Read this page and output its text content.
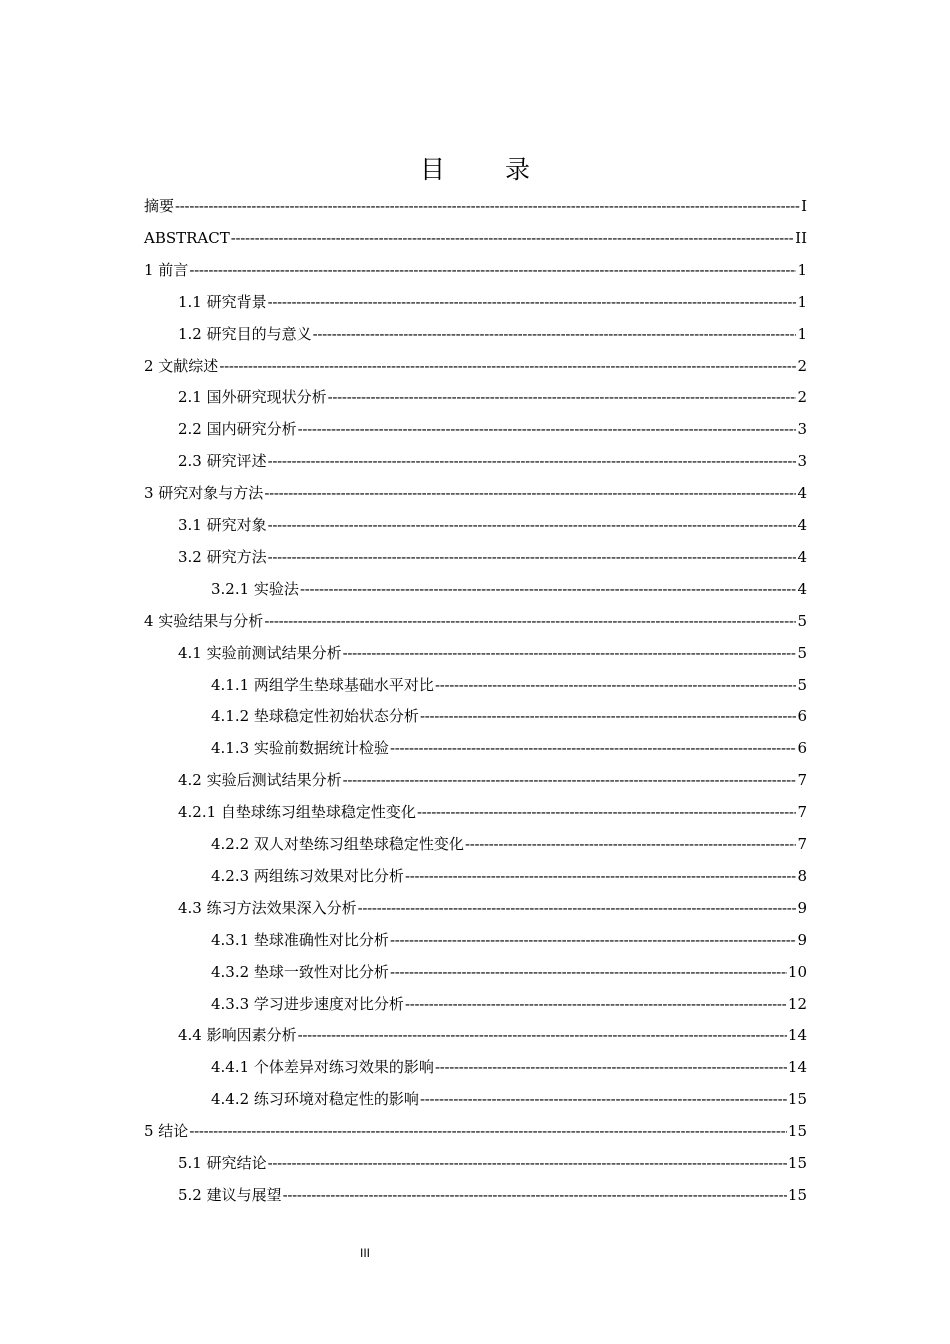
目 录
摘要 -----	I
ABSTRACT -----	II
1 前言 -----	1
1.1 研究背景 -----	1
1.2 研究目的与意义 -----	1
2 文献综述 -----	2
2.1 国外研究现状分析 -----	2
2.2 国内研究分析 -----	3
2.3 研究评述 -----	3
3 研究对象与方法 -----	4
3.1 研究对象 -----	4
3.2 研究方法 -----	4
3.2.1 实验法 -----	4
4 实验结果与分析 -----	5
4.1 实验前测试结果分析 -----	5
4.1.1 两组学生垫球基础水平对比 -----	5
4.1.2 垫球稳定性初始状态分析 -----	6
4.1.3 实验前数据统计检验 -----	6
4.2 实验后测试结果分析 -----	7
4.2.1 自垫球练习组垫球稳定性变化 -----	7
4.2.2 双人对垫练习组垫球稳定性变化 -----	7
4.2.3 两组练习效果对比分析 -----	8
4.3 练习方法效果深入分析 -----	9
4.3.1 垫球准确性对比分析 -----	9
4.3.2 垫球一致性对比分析 -----	10
4.3.3 学习进步速度对比分析 -----	12
4.4 影响因素分析 -----	14
4.4.1 个体差异对练习效果的影响 -----	14
4.4.2 练习环境对稳定性的影响 -----	15
5 结论 -----	15
5.1 研究结论 -----	15
5.2 建议与展望 -----	15
III
